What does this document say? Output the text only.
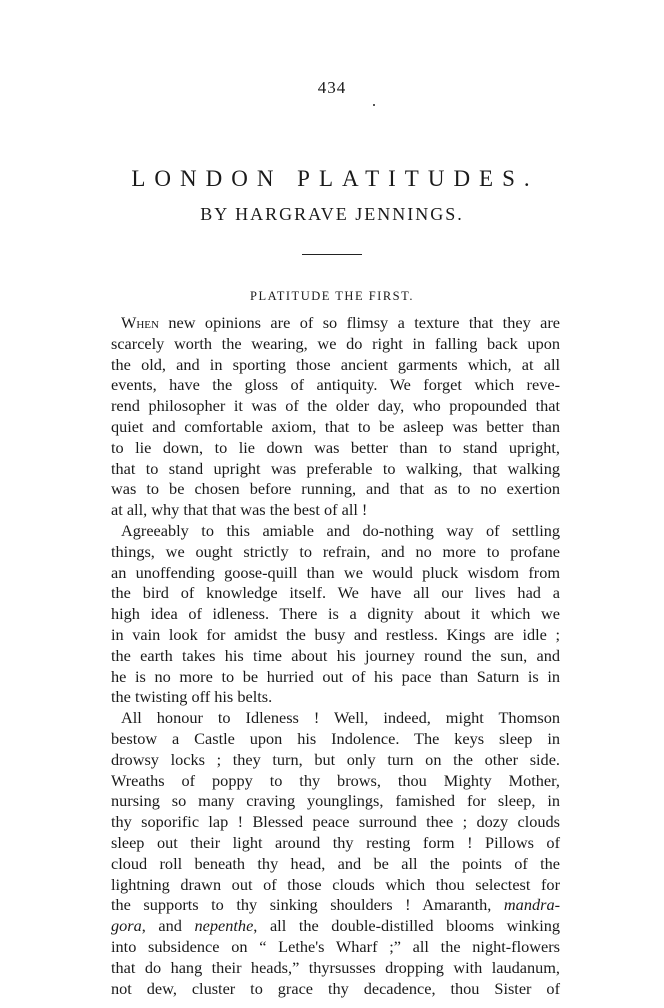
434
LONDON PLATITUDES.
BY HARGRAVE JENNINGS.
PLATITUDE THE FIRST.
When new opinions are of so flimsy a texture that they are
scarcely worth the wearing, we do right in falling back upon
the old, and in sporting those ancient garments which, at all
events, have the gloss of antiquity. We forget which reve-
rend philosopher it was of the older day, who propounded that
quiet and comfortable axiom, that to be asleep was better than
to lie down, to lie down was better than to stand upright,
that to stand upright was preferable to walking, that walking
was to be chosen before running, and that as to no exertion
at all, why that that was the best of all !
Agreeably to this amiable and do-nothing way of settling
things, we ought strictly to refrain, and no more to profane
an unoffending goose-quill than we would pluck wisdom from
the bird of knowledge itself. We have all our lives had a
high idea of idleness. There is a dignity about it which we
in vain look for amidst the busy and restless. Kings are idle ;
the earth takes his time about his journey round the sun, and
he is no more to be hurried out of his pace than Saturn is in
the twisting off his belts.
All honour to Idleness ! Well, indeed, might Thomson
bestow a Castle upon his Indolence. The keys sleep in
drowsy locks ; they turn, but only turn on the other side.
Wreaths of poppy to thy brows, thou Mighty Mother,
nursing so many craving younglings, famished for sleep, in
thy soporific lap ! Blessed peace surround thee ; dozy clouds
sleep out their light around thy resting form ! Pillows of
cloud roll beneath thy head, and be all the points of the
lightning drawn out of those clouds which thou selectest for
the supports to thy sinking shoulders ! Amaranth, mandra-
gora, and nepenthe, all the double-distilled blooms winking
into subsidence on “ Lethe's Wharf ;” all the night-flowers
that do hang their heads,” thyrsusses dropping with laudanum,
not dew, cluster to grace thy decadence, thou Sister of
